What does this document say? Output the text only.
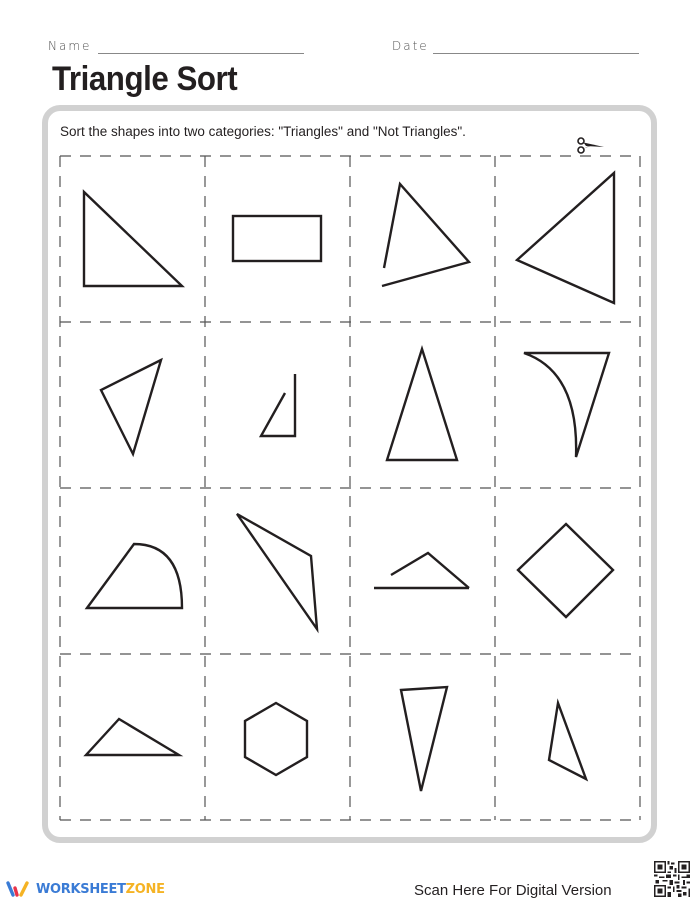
Name	Date
Triangle Sort
Sort the shapes into two categories: "Triangles" and "Not Triangles".
WORKSHEETZONE	Scan Here For Digital Version
